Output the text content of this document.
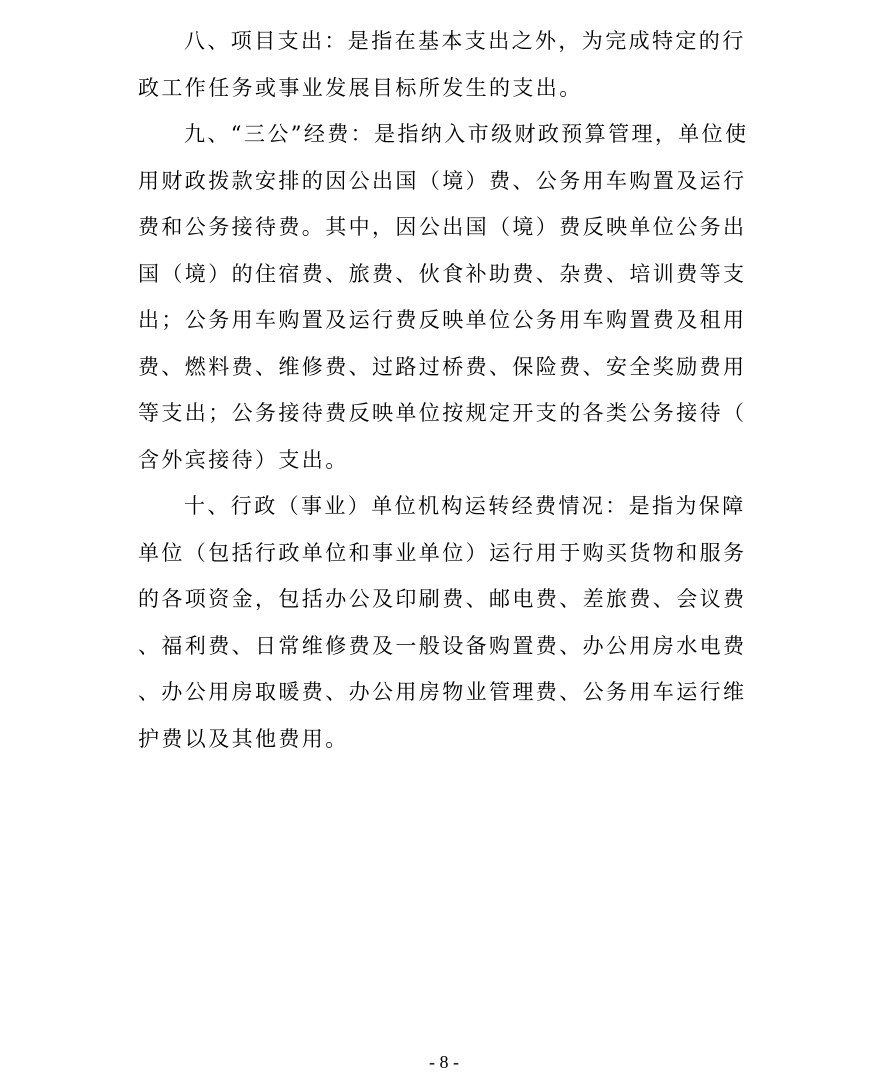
八、项目支出：是指在基本支出之外，为完成特定的行
政工作任务或事业发展目标所发生的支出。
九、“三公”经费：是指纳入市级财政预算管理，单位使
用财政拨款安排的因公出国（境）费、公务用车购置及运行
费和公务接待费。其中，因公出国（境）费反映单位公务出
国（境）的住宿费、旅费、伙食补助费、杂费、培训费等支
出；公务用车购置及运行费反映单位公务用车购置费及租用
费、燃料费、维修费、过路过桥费、保险费、安全奖励费用
等支出；公务接待费反映单位按规定开支的各类公务接待（
含外宾接待）支出。
十、行政（事业）单位机构运转经费情况：是指为保障
单位（包括行政单位和事业单位）运行用于购买货物和服务
的各项资金，包括办公及印刷费、邮电费、差旅费、会议费
、福利费、日常维修费及一般设备购置费、办公用房水电费
、办公用房取暖费、办公用房物业管理费、公务用车运行维
护费以及其他费用。
- 8 -
